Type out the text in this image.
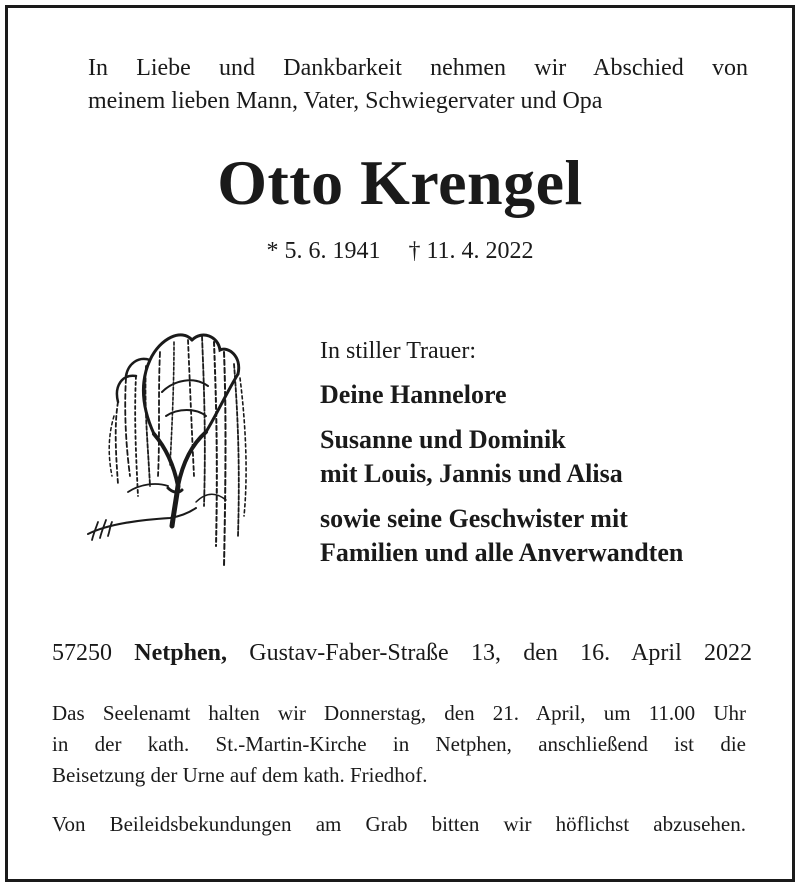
In Liebe und Dankbarkeit nehmen wir Abschied von
meinem lieben Mann, Vater, Schwiegervater und Opa
Otto Krengel
* 5. 6. 1941 † 11. 4. 2022
In stiller Trauer:
Deine Hannelore
Susanne und Dominik
mit Louis, Jannis und Alisa
sowie seine Geschwister mit
Familien und alle Anverwandten
57250 Netphen, Gustav-Faber-Straße 13, den 16. April 2022
Das Seelenamt halten wir Donnerstag, den 21. April, um 11.00 Uhr
in der kath. St.-Martin-Kirche in Netphen, anschließend ist die
Beisetzung der Urne auf dem kath. Friedhof.
Von Beileidsbekundungen am Grab bitten wir höflichst abzusehen.
